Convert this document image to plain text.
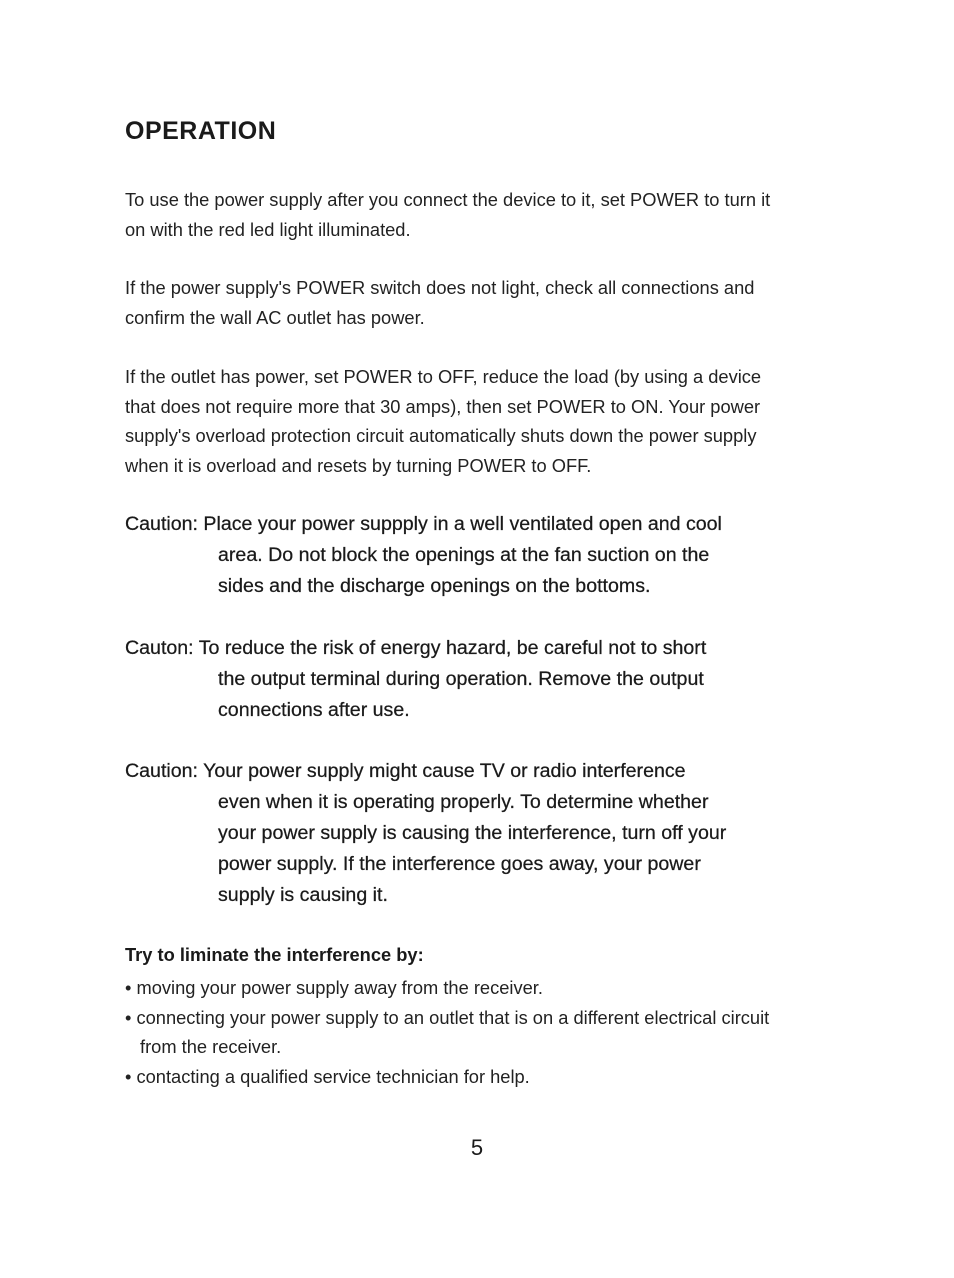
OPERATION

To use the power supply after you connect the device to it, set POWER to turn it
on with the red led light illuminated.

If the power supply's POWER switch does not light, check all connections and
confirm the wall AC outlet has power.

If the outlet has power, set POWER to OFF, reduce the load (by using a device
that does not require more that 30 amps), then set POWER to ON. Your power
supply's overload protection circuit automatically shuts down the power supply
when it is overload and resets by turning POWER to OFF.

Caution: Place your power suppply in a well ventilated open and cool
area. Do not block the openings at the fan suction on the
sides and the discharge openings on the bottoms.
Cauton: To reduce the risk of energy hazard, be careful not to short
the output terminal during operation. Remove the output
connections after use.
Caution: Your power supply might cause TV or radio interference
even when it is operating properly. To determine whether
your power supply is causing the interference, turn off your
power supply. If the interference goes away, your power
supply is causing it.

Try to liminate the interference by:

• moving your power supply away from the receiver.
• connecting your power supply to an outlet that is on a different electrical circuit
from the receiver.
• contacting a qualified service technician for help.
5
